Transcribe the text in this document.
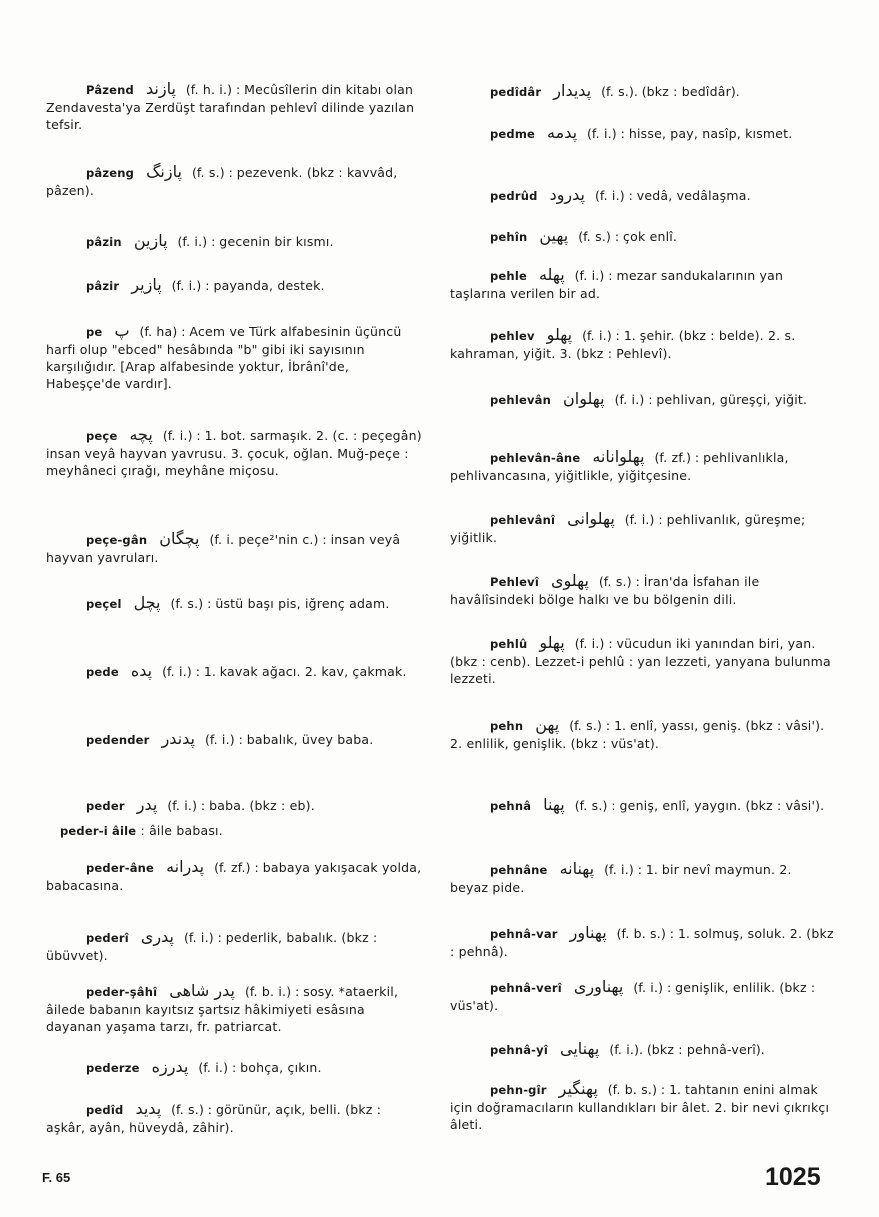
Pâzend پازند (f. h. i.) : Mecûsîlerin din kitabı olan Zendavesta'ya Zerdüşt tarafından pehlevî dilinde yazılan tefsir.

pâzeng پازنگ (f. s.) : pezevenk. (bkz : kavvâd, pâzen).

pâzin پازین (f. i.) : gecenin bir kısmı.

pâzir پازیر (f. i.) : payanda, destek.

pe پ (f. ha) : Acem ve Türk alfabesinin üçüncü harfi olup "ebced" hesâbında "b" gibi iki sayısının karşılığıdır. [Arap alfabesinde yoktur, İbrânî'de, Habeşçe'de vardır].

peçe پچه (f. i.) : 1. bot. sarmaşık. 2. (c. : peçegân) insan veyâ hayvan yavrusu. 3. çocuk, oğlan. Muğ-peçe : meyhâneci çırağı, meyhâne miçosu.

peçe-gân پچگان (f. i. peçe²'nin c.) : insan veyâ hayvan yavruları.

peçel پچل (f. s.) : üstü başı pis, iğrenç adam.

pede پده (f. i.) : 1. kavak ağacı. 2. kav, çakmak.

pedender پدندر (f. i.) : babalık, üvey baba.

peder پدر (f. i.) : baba. (bkz : eb).

peder-i âile : âile babası.

peder-âne پدرانه (f. zf.) : babaya yakışacak yolda, babacasına.

pederî پدری (f. i.) : pederlik, babalık. (bkz : übüvvet).

peder-şâhî پدر شاهی (f. b. i.) : sosy. *ataerkil, âilede babanın kayıtsız şartsız hâkimiyeti esâsına dayanan yaşama tarzı, fr. patriarcat.

pederze پدرزه (f. i.) : bohça, çıkın.

pedîd پدید (f. s.) : görünür, açık, belli. (bkz : aşkâr, ayân, hüveydâ, zâhir).

pedîdâr پدیدار (f. s.). (bkz : bedîdâr).

pedme پدمه (f. i.) : hisse, pay, nasîp, kısmet.

pedrûd پدرود (f. i.) : vedâ, vedâlaşma.

pehîn پهین (f. s.) : çok enlî.

pehle پهله (f. i.) : mezar sandukalarının yan taşlarına verilen bir ad.

pehlev پهلو (f. i.) : 1. şehir. (bkz : belde). 2. s. kahraman, yiğit. 3. (bkz : Pehlevî).

pehlevân پهلوان (f. i.) : pehlivan, güreşçi, yiğit.

pehlevân-âne پهلوانانه (f. zf.) : pehlivanlıkla, pehlivancasına, yiğitlikle, yiğitçesine.

pehlevânî پهلوانی (f. i.) : pehlivanlık, güreşme; yiğitlik.

Pehlevî پهلوی (f. s.) : İran'da İsfahan ile havâlîsindeki bölge halkı ve bu bölgenin dili.

pehlû پهلو (f. i.) : vücudun iki yanından biri, yan. (bkz : cenb). Lezzet-i pehlû : yan lezzeti, yanyana bulunma lezzeti.

pehn پهن (f. s.) : 1. enlî, yassı, geniş. (bkz : vâsi'). 2. enlilik, genişlik. (bkz : vüs'at).

pehnâ پهنا (f. s.) : geniş, enlî, yaygın. (bkz : vâsi').

pehnâne پهنانه (f. i.) : 1. bir nevî maymun. 2. beyaz pide.

pehnâ-var پهناور (f. b. s.) : 1. solmuş, soluk. 2. (bkz : pehnâ).

pehnâ-verî پهناوری (f. i.) : genişlik, enlilik. (bkz : vüs'at).

pehnâ-yî پهنایی (f. i.). (bkz : pehnâ-verî).

pehn-gîr پهنگیر (f. b. s.) : 1. tahtanın enini almak için doğramacıların kullandıkları bir âlet. 2. bir nevi çıkrıkçı âleti.

F. 65	1025
